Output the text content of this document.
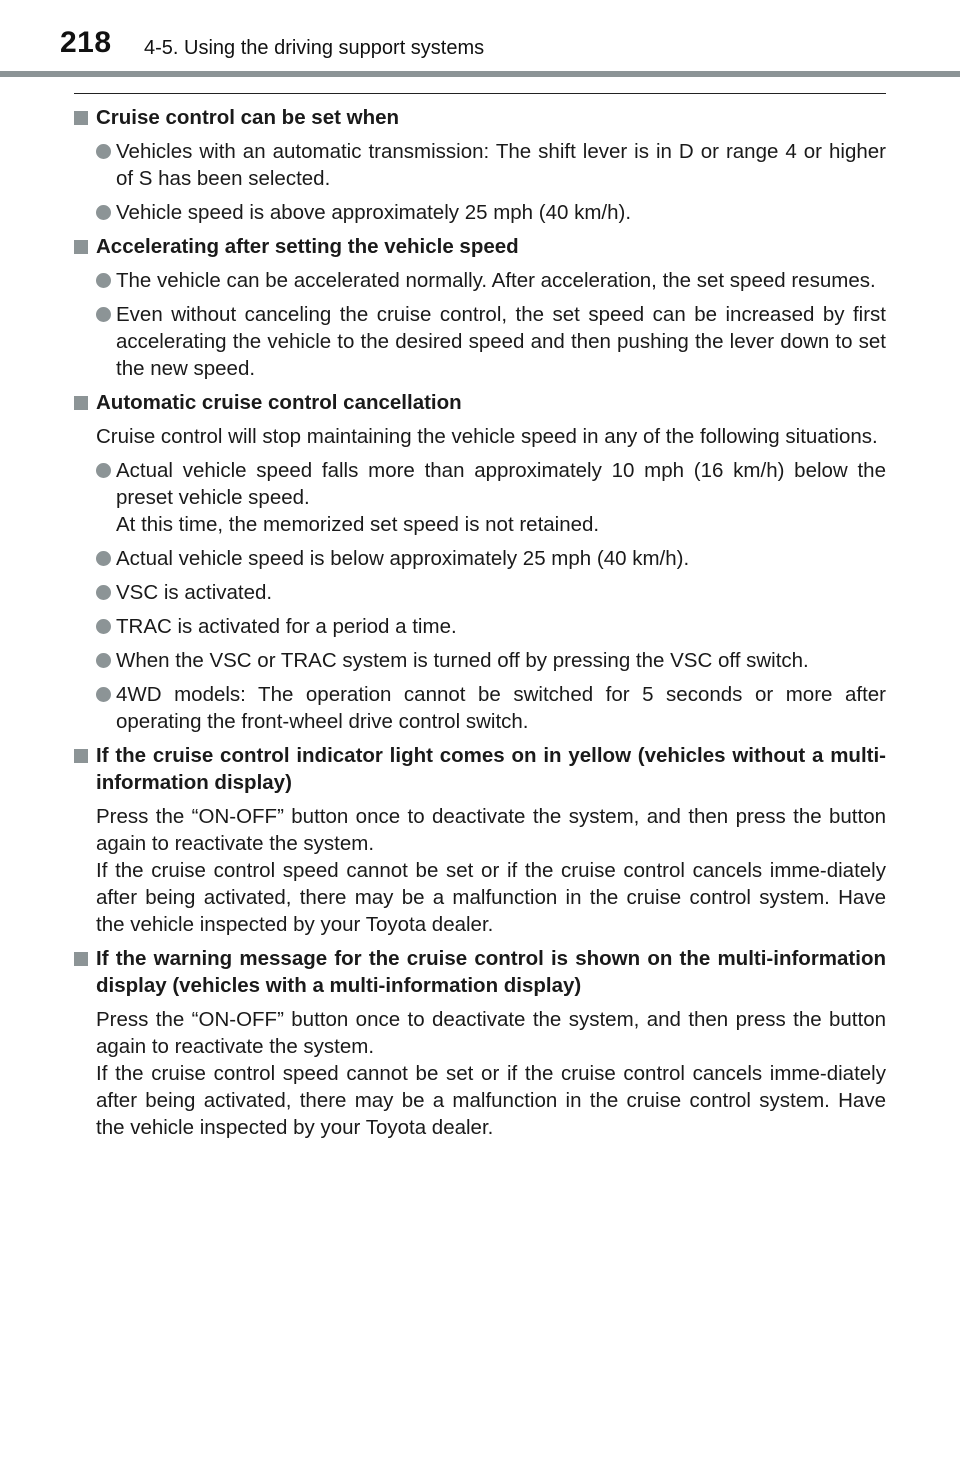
218 4-5. Using the driving support systems

Cruise control can be set when

Vehicles with an automatic transmission: The shift lever is in D or range 4 or higher of S has been selected.

Vehicle speed is above approximately 25 mph (40 km/h).

Accelerating after setting the vehicle speed

The vehicle can be accelerated normally. After acceleration, the set speed resumes.

Even without canceling the cruise control, the set speed can be increased by first accelerating the vehicle to the desired speed and then pushing the lever down to set the new speed.

Automatic cruise control cancellation

Cruise control will stop maintaining the vehicle speed in any of the following situations.

Actual vehicle speed falls more than approximately 10 mph (16 km/h) below the preset vehicle speed.
At this time, the memorized set speed is not retained.

Actual vehicle speed is below approximately 25 mph (40 km/h).

VSC is activated.

TRAC is activated for a period a time.

When the VSC or TRAC system is turned off by pressing the VSC off switch.

4WD models: The operation cannot be switched for 5 seconds or more after operating the front-wheel drive control switch.

If the cruise control indicator light comes on in yellow (vehicles without a multi-information display)

Press the “ON-OFF” button once to deactivate the system, and then press the button again to reactivate the system.

If the cruise control speed cannot be set or if the cruise control cancels imme-diately after being activated, there may be a malfunction in the cruise control system. Have the vehicle inspected by your Toyota dealer.

If the warning message for the cruise control is shown on the multi-information display (vehicles with a multi-information display)

Press the “ON-OFF” button once to deactivate the system, and then press the button again to reactivate the system.

If the cruise control speed cannot be set or if the cruise control cancels imme-diately after being activated, there may be a malfunction in the cruise control system. Have the vehicle inspected by your Toyota dealer.
